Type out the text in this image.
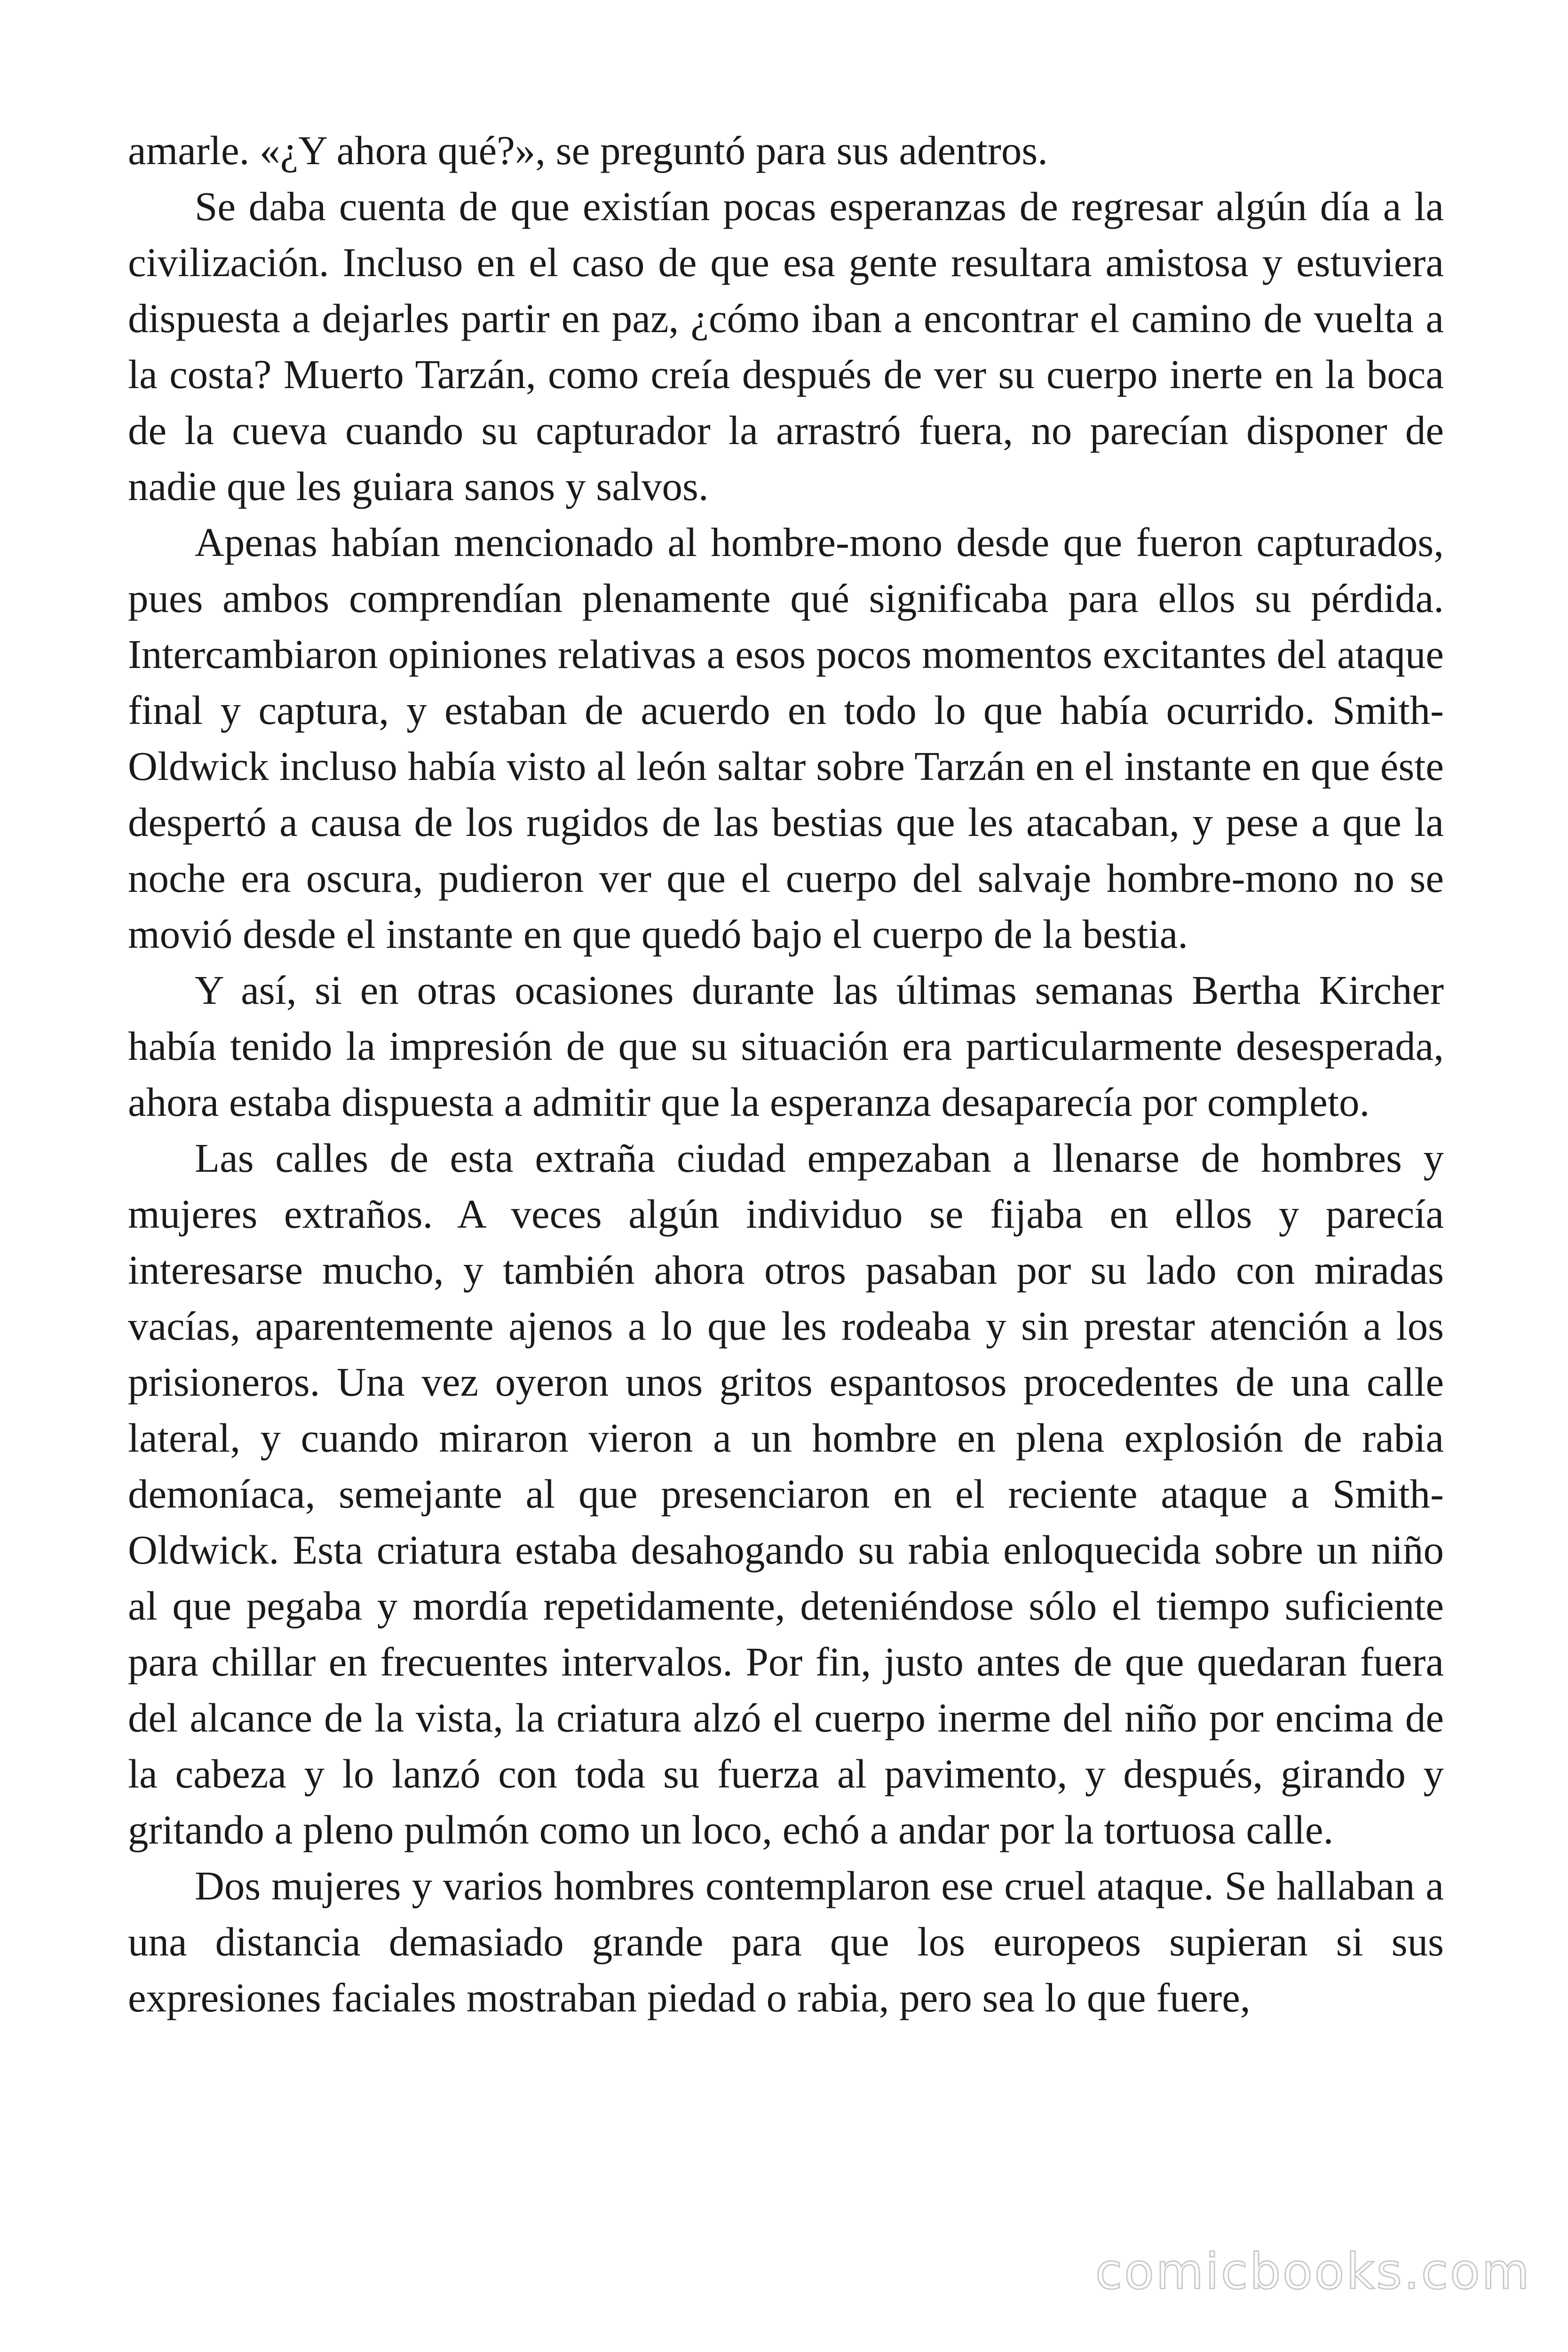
amarle. «¿Y ahora qué?», se preguntó para sus adentros.

Se daba cuenta de que existían pocas esperanzas de regresar algún día a la civilización. Incluso en el caso de que esa gente resultara amistosa y estuviera dispuesta a dejarles partir en paz, ¿cómo iban a encontrar el camino de vuelta a la costa? Muerto Tarzán, como creía después de ver su cuerpo inerte en la boca de la cueva cuando su capturador la arrastró fuera, no parecían disponer de nadie que les guiara sanos y salvos.

Apenas habían mencionado al hombre-mono desde que fueron capturados, pues ambos comprendían plenamente qué significaba para ellos su pérdida. Intercambiaron opiniones relativas a esos pocos momentos excitantes del ataque final y captura, y estaban de acuerdo en todo lo que había ocurrido. Smith-Oldwick incluso había visto al león saltar sobre Tarzán en el instante en que éste despertó a causa de los rugidos de las bestias que les atacaban, y pese a que la noche era oscura, pudieron ver que el cuerpo del salvaje hombre-mono no se movió desde el instante en que quedó bajo el cuerpo de la bestia.

Y así, si en otras ocasiones durante las últimas semanas Bertha Kircher había tenido la impresión de que su situación era particularmente desesperada, ahora estaba dispuesta a admitir que la esperanza desaparecía por completo.

Las calles de esta extraña ciudad empezaban a llenarse de hombres y mujeres extraños. A veces algún individuo se fijaba en ellos y parecía interesarse mucho, y también ahora otros pasaban por su lado con miradas vacías, aparentemente ajenos a lo que les rodeaba y sin prestar atención a los prisioneros. Una vez oyeron unos gritos espantosos procedentes de una calle lateral, y cuando miraron vieron a un hombre en plena explosión de rabia demoníaca, semejante al que presenciaron en el reciente ataque a Smith-Oldwick. Esta criatura estaba desahogando su rabia enloquecida sobre un niño al que pegaba y mordía repetidamente, deteniéndose sólo el tiempo suficiente para chillar en frecuentes intervalos. Por fin, justo antes de que quedaran fuera del alcance de la vista, la criatura alzó el cuerpo inerme del niño por encima de la cabeza y lo lanzó con toda su fuerza al pavimento, y después, girando y gritando a pleno pulmón como un loco, echó a andar por la tortuosa calle.

Dos mujeres y varios hombres contemplaron ese cruel ataque. Se hallaban a una distancia demasiado grande para que los europeos supieran si sus expresiones faciales mostraban piedad o rabia, pero sea lo que fuere,

comicbooks.com
